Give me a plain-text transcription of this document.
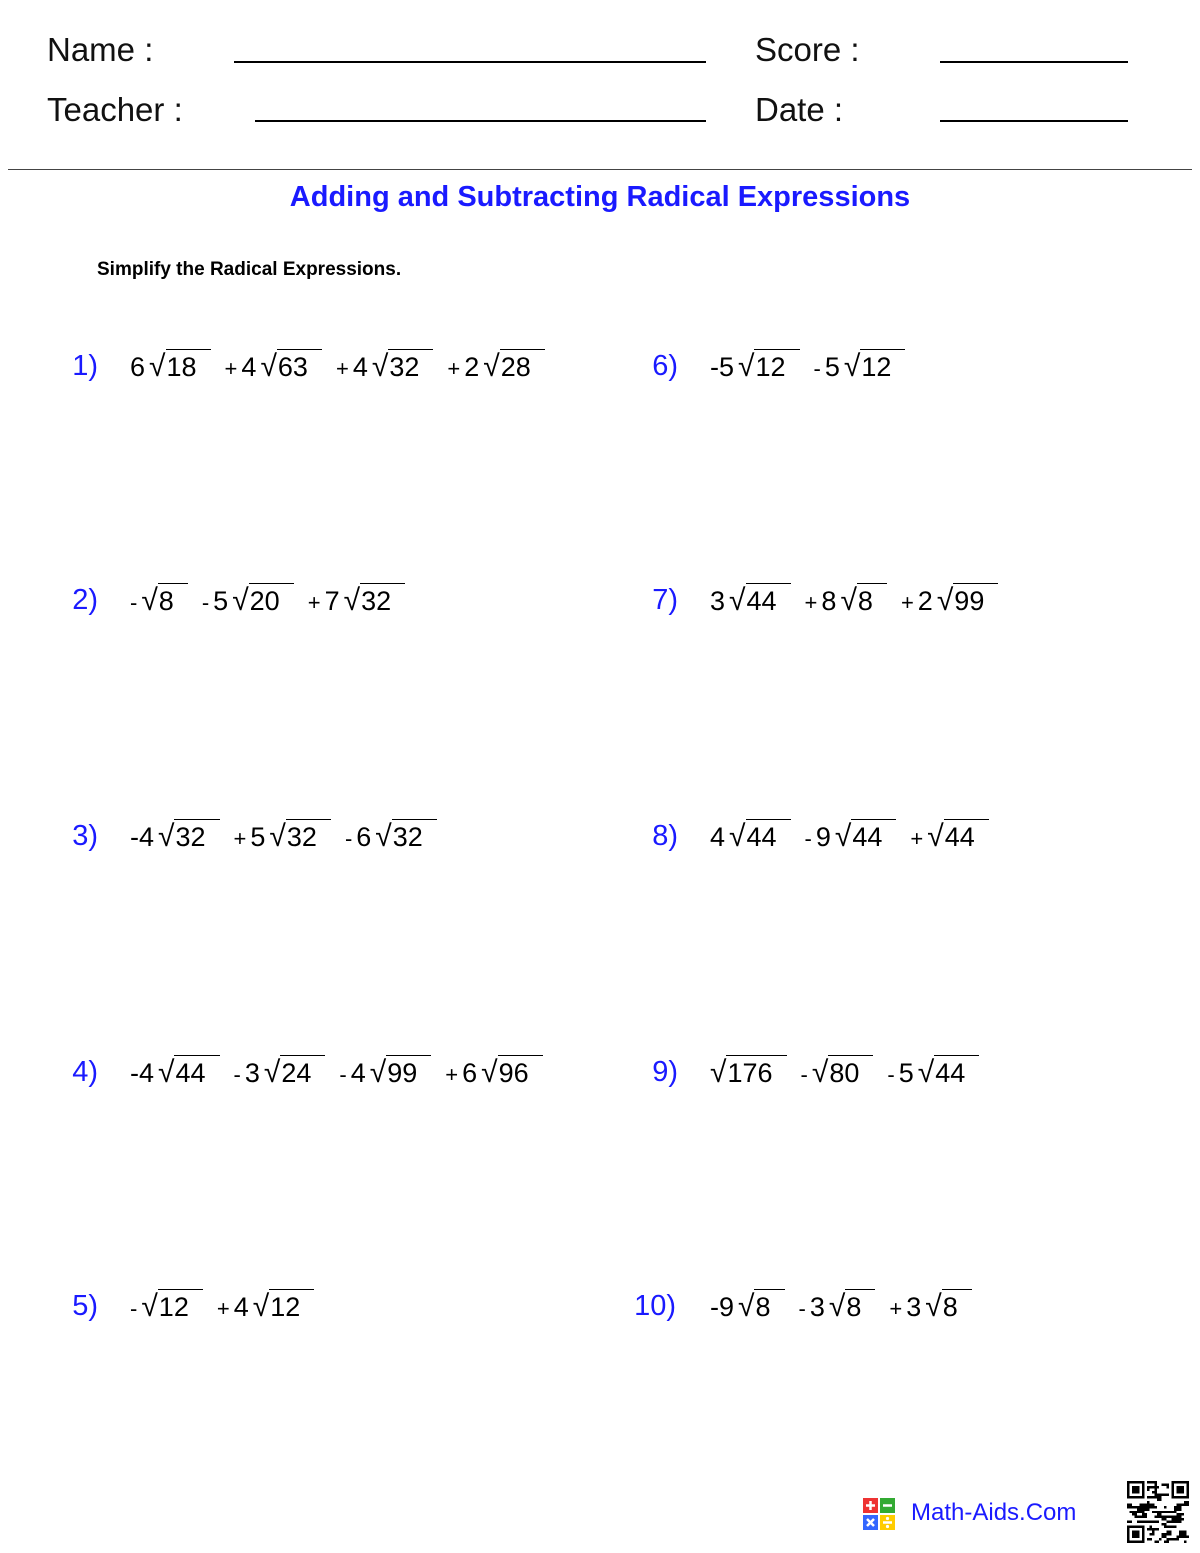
Name :
Teacher :
Score :
Date :
Adding and Subtracting Radical Expressions
Simplify the Radical Expressions.
1) 6 √18 + 4 √63 + 4 √32 + 2 √28
2) - √8 - 5 √20 + 7 √32
3) -4 √32 + 5 √32 - 6 √32
4) -4 √44 - 3 √24 - 4 √99 + 6 √96
5) - √12 + 4 √12
6) -5 √12 - 5 √12
7) 3 √44 + 8 √8 + 2 √99
8) 4 √44 - 9 √44 + √44
9) √176 - √80 - 5 √44
10) -9 √8 - 3 √8 + 3 √8
Math-Aids.Com
